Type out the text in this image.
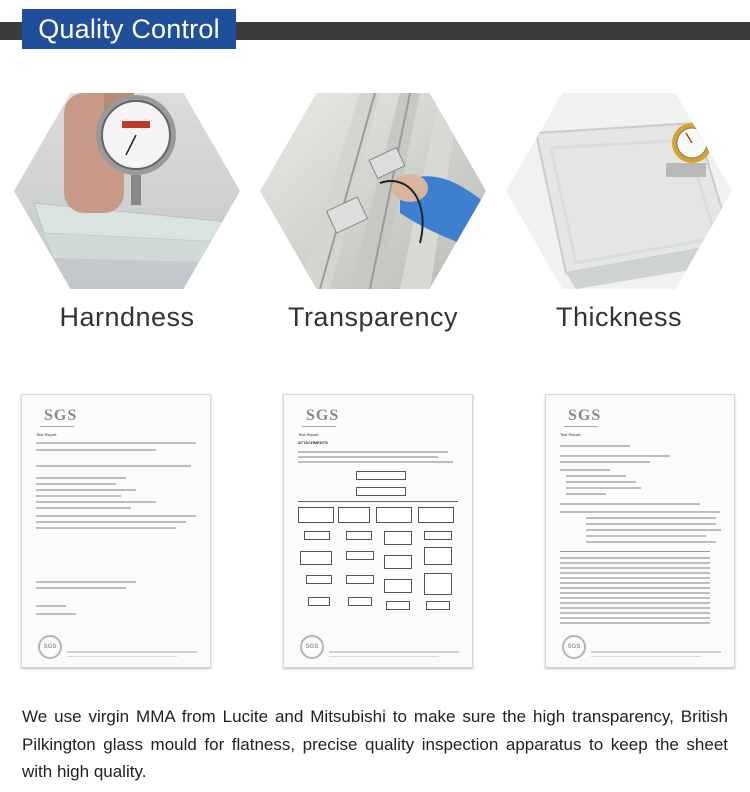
Quality Control
Harndness	Transparency	Thickness
SGS
Test Report
SGS
SGS
Test Report
ATTACHMENTS
SGS
SGS
Test Report
SGS

We use virgin MMA from Lucite and Mitsubishi to make sure the high transparency, British Pilkington glass mould for flatness, precise quality inspection apparatus to keep the sheet with high quality.
